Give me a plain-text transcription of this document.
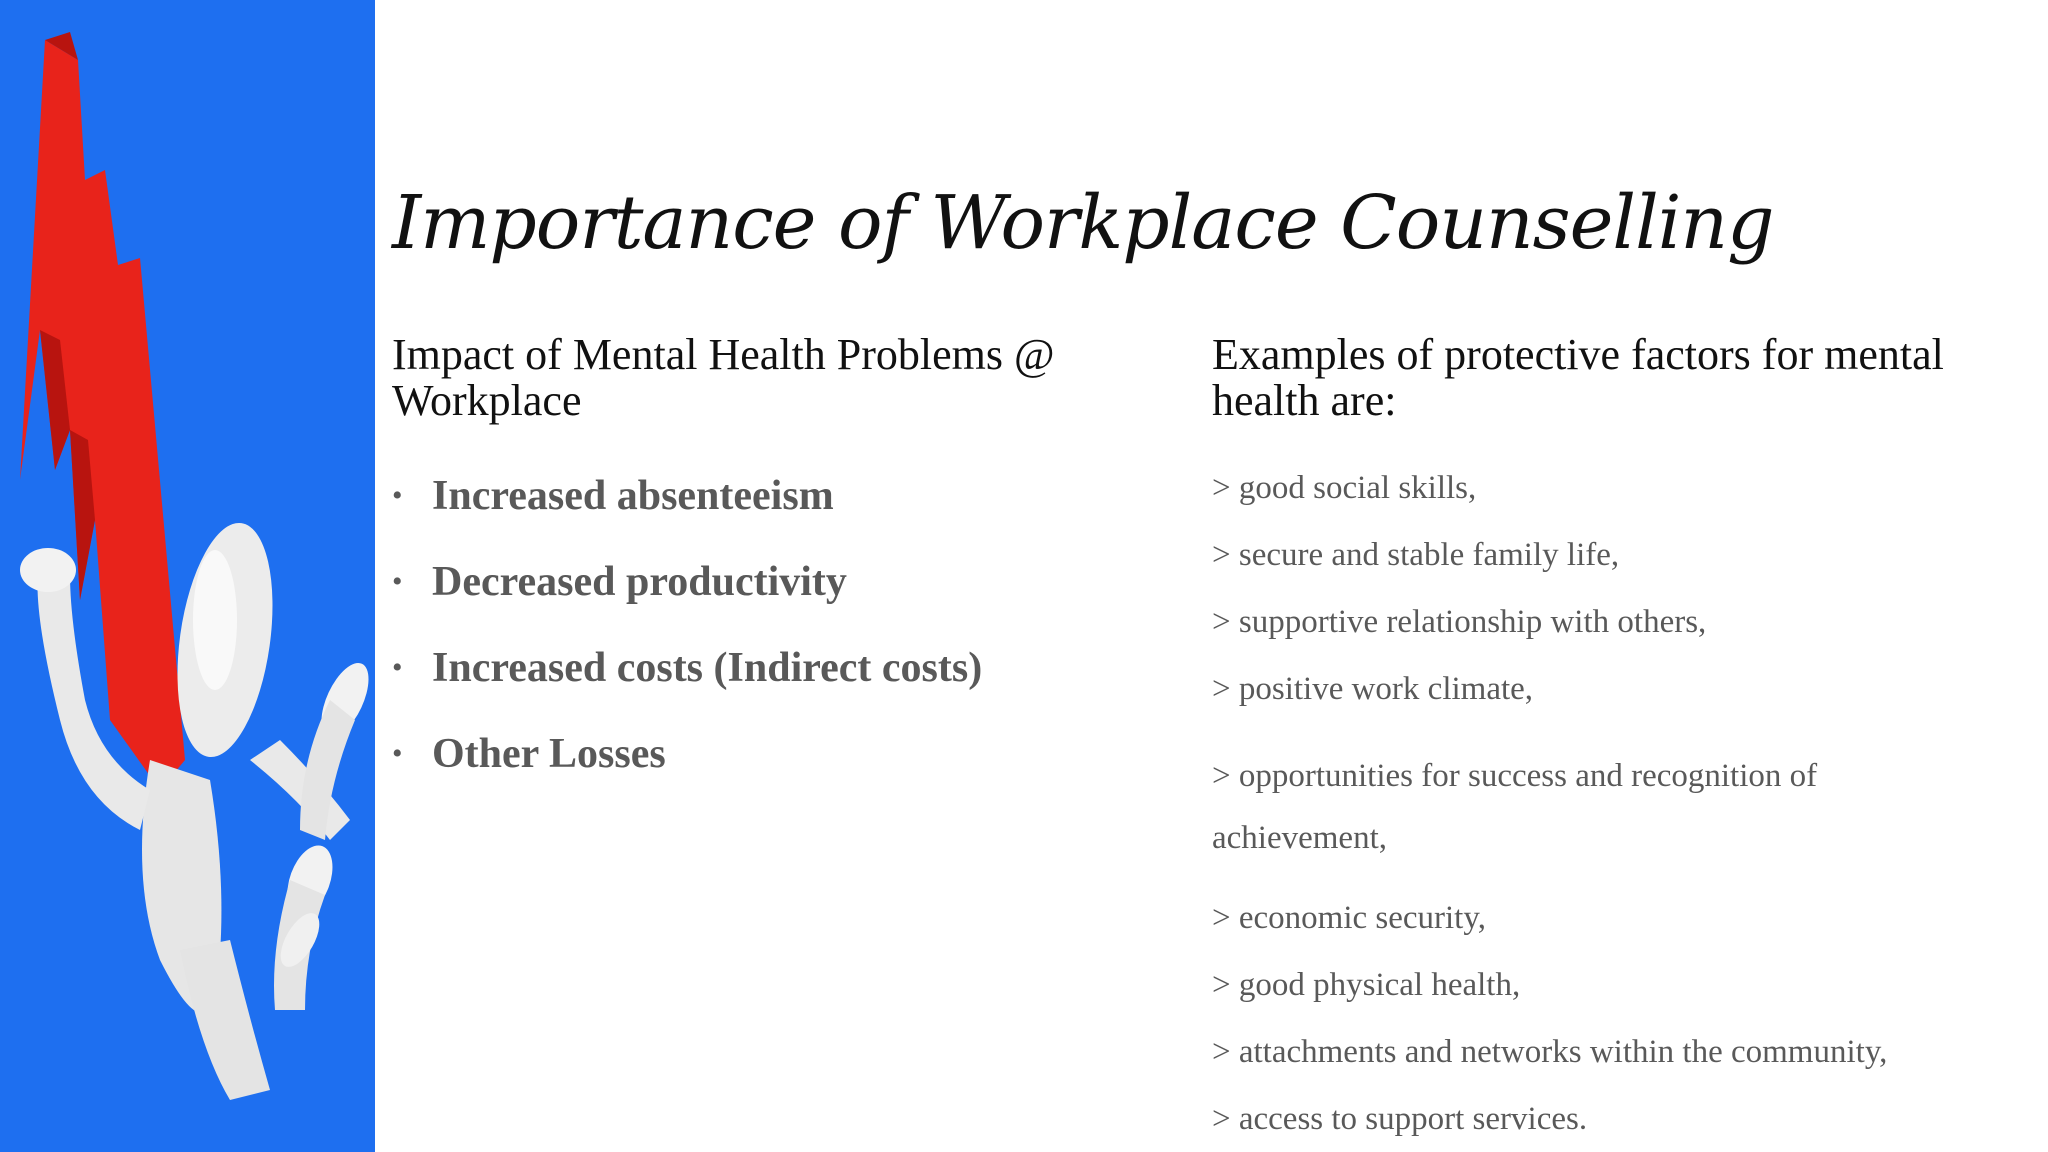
Importance of Workplace Counselling
Impact of Mental Health Problems @ Workplace
• Increased absenteeism
• Decreased productivity
• Increased costs (Indirect costs)
• Other Losses
Examples of protective factors for mental health are:
> good social skills,
> secure and stable family life,
> supportive relationship with others,
> positive work climate,
> opportunities for success and recognition of achievement,
> economic security,
> good physical health,
> attachments and networks within the community,
> access to support services.
